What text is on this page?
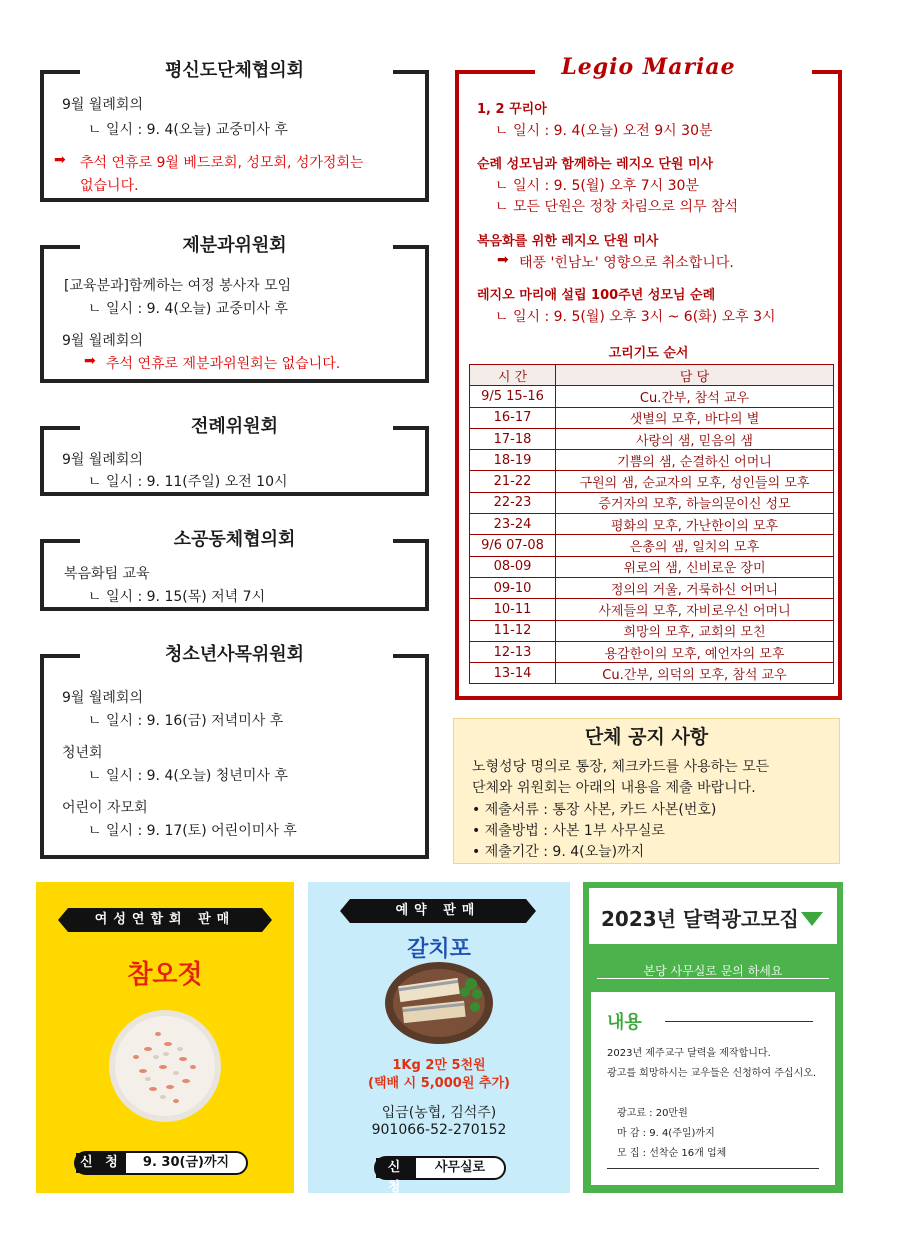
평신도단체협의회
9월 월례회의
ㄴ 일시 : 9. 4(오늘) 교중미사 후
➡ 추석 연휴로 9월 베드로회, 성모회, 성가정회는
없습니다.
제분과위원회
[교육분과]함께하는 여정 봉사자 모임
ㄴ 일시 : 9. 4(오늘) 교중미사 후
9월 월례회의
➡ 추석 연휴로 제분과위원회는 없습니다.
전례위원회
9월 월례회의
ㄴ 일시 : 9. 11(주일) 오전 10시
소공동체협의회
복음화팀 교육
ㄴ 일시 : 9. 15(목) 저녁 7시
청소년사목위원회
9월 월례회의
ㄴ 일시 : 9. 16(금) 저녁미사 후
청년회
ㄴ 일시 : 9. 4(오늘) 청년미사 후
어린이 자모회
ㄴ 일시 : 9. 17(토) 어린이미사 후
Legio Mariae
1, 2 꾸리아
ㄴ 일시 : 9. 4(오늘) 오전 9시 30분
순례 성모님과 함께하는 레지오 단원 미사
ㄴ 일시 : 9. 5(월) 오후 7시 30분
ㄴ 모든 단원은 정창 차림으로 의무 참석
복음화를 위한 레지오 단원 미사
➡ 태풍 '힌남노' 영향으로 취소합니다.
레지오 마리애 설립 100주년 성모님 순례
ㄴ 일시 : 9. 5(월) 오후 3시 ~ 6(화) 오후 3시
고리기도 순서
시 간	담 당
9/5 15-16	Cu.간부, 참석 교우
16-17	샛별의 모후, 바다의 별
17-18	사랑의 샘, 믿음의 샘
18-19	기쁨의 샘, 순결하신 어머니
21-22	구원의 샘, 순교자의 모후, 성인들의 모후
22-23	증거자의 모후, 하늘의문이신 성모
23-24	평화의 모후, 가난한이의 모후
9/6 07-08	은총의 샘, 일치의 모후
08-09	위로의 샘, 신비로운 장미
09-10	정의의 거울, 거룩하신 어머니
10-11	사제들의 모후, 자비로우신 어머니
11-12	희망의 모후, 교회의 모친
12-13	용감한이의 모후, 예언자의 모후
13-14	Cu.간부, 의덕의 모후, 참석 교우
단체 공지 사항
노형성당 명의로 통장, 체크카드를 사용하는 모든
단체와 위원회는 아래의 내용을 제출 바랍니다.
• 제출서류 : 통장 사본, 카드 사본(번호)
• 제출방법 : 사본 1부 사무실로
• 제출기간 : 9. 4(오늘)까지
여성연합회 판매
참오젓
신 청	9. 30(금)까지
예약 판매
갈치포
1Kg 2만 5천원
(택배 시 5,000원 추가)
입금(농협, 김석주)
901066-52-270152
신 청
사무실로
2023년 달력광고모집
본당 사무실로 문의 하세요
내용
2023년 제주교구 달력을 제작합니다.
광고를 희망하시는 교우들은 신청하여 주십시오.
광고료 : 20만원
마 감 : 9. 4(주일)까지
모 집 : 선착순 16개 업체
